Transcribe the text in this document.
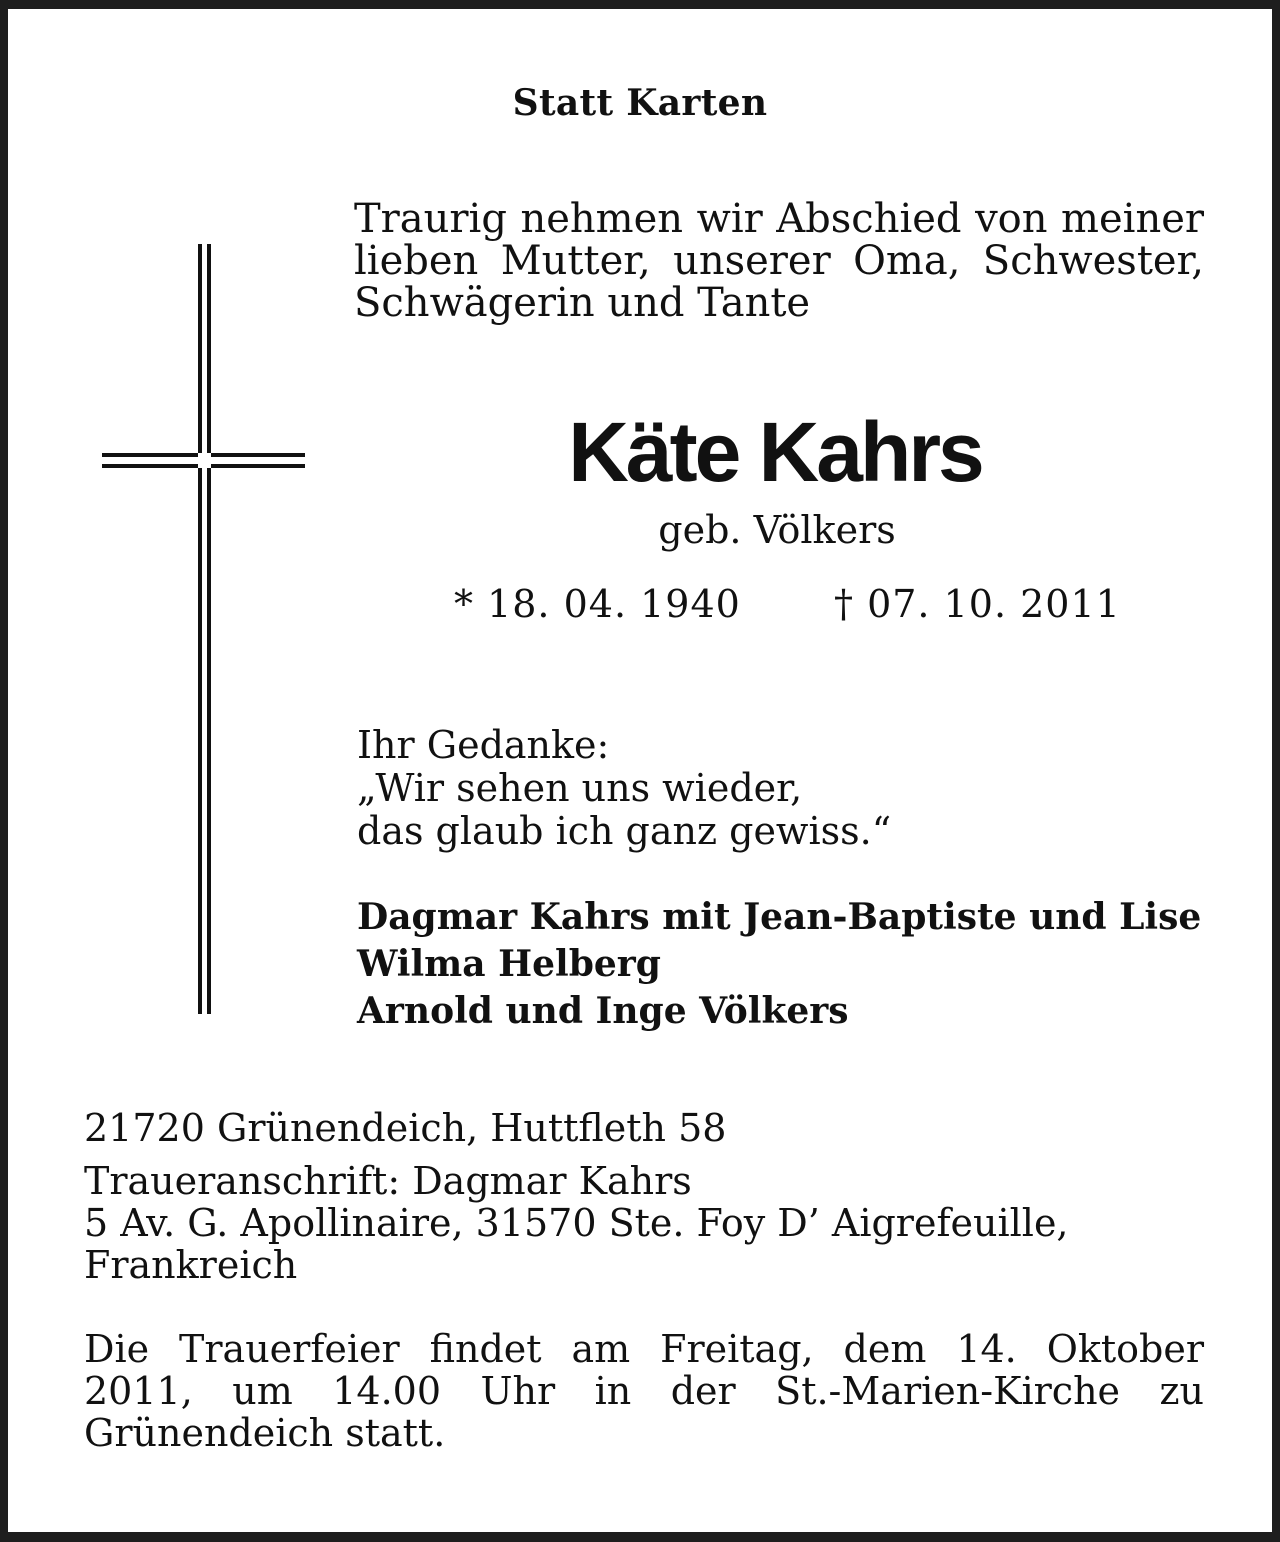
Statt Karten
Traurig nehmen wir Abschied von meiner
lieben Mutter, unserer Oma, Schwester,
Schwägerin und Tante
Käte Kahrs
geb. Völkers
* 18. 04. 1940 † 07. 10. 2011
Ihr Gedanke:
„Wir sehen uns wieder,
das glaub ich ganz gewiss.“
Dagmar Kahrs mit Jean-Baptiste und Lise
Wilma Helberg
Arnold und Inge Völkers
21720 Grünendeich, Huttfleth 58
Traueranschrift: Dagmar Kahrs
5 Av. G. Apollinaire, 31570 Ste. Foy D’ Aigrefeuille,
Frankreich
Die Trauerfeier findet am Freitag, dem 14. Oktober
2011, um 14.00 Uhr in der St.-Marien-Kirche zu
Grünendeich statt.
